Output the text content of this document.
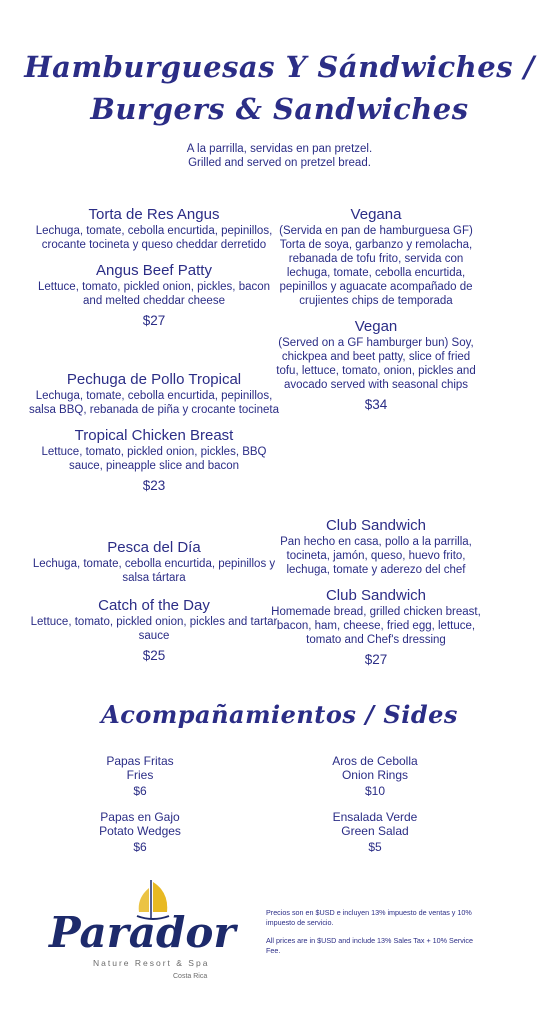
Hamburguesas Y Sándwiches /
Burgers & Sandwiches
A la parrilla, servidas en pan pretzel.
Grilled and served on pretzel bread.
Torta de Res Angus
Lechuga, tomate, cebolla encurtida, pepinillos, crocante tocineta y queso cheddar derretido
Angus Beef Patty
Lettuce, tomato, pickled onion, pickles, bacon and melted cheddar cheese
$27
Pechuga de Pollo Tropical
Lechuga, tomate, cebolla encurtida, pepinillos, salsa BBQ, rebanada de piña y crocante tocineta
Tropical Chicken Breast
Lettuce, tomato, pickled onion, pickles, BBQ sauce, pineapple slice and bacon
$23
Pesca del Día
Lechuga, tomate, cebolla encurtida, pepinillos y salsa tártara
Catch of the Day
Lettuce, tomato, pickled onion, pickles and tartar sauce
$25
Vegana
(Servida en pan de hamburguesa GF) Torta de soya, garbanzo y remolacha, rebanada de tofu frito, servida con lechuga, tomate, cebolla encurtida, pepinillos y aguacate acompañado de crujientes chips de temporada
Vegan
(Served on a GF hamburger bun) Soy, chickpea and beet patty, slice of fried tofu, lettuce, tomato, onion, pickles and avocado served with seasonal chips
$34
Club Sandwich
Pan hecho en casa, pollo a la parrilla, tocineta, jamón, queso, huevo frito, lechuga, tomate y aderezo del chef
Club Sandwich
Homemade bread, grilled chicken breast, bacon, ham, cheese, fried egg, lettuce, tomato and Chef's dressing
$27
Acompañamientos / Sides
Papas Fritas
Fries
$6
Aros de Cebolla
Onion Rings
$10
Papas en Gajo
Potato Wedges
$6
Ensalada Verde
Green Salad
$5
Parador
Nature Resort & Spa
Costa Rica
Precios son en $USD e incluyen 13% impuesto de ventas y 10% impuesto de servicio.
All prices are in $USD and include 13% Sales Tax + 10% Service Fee.
